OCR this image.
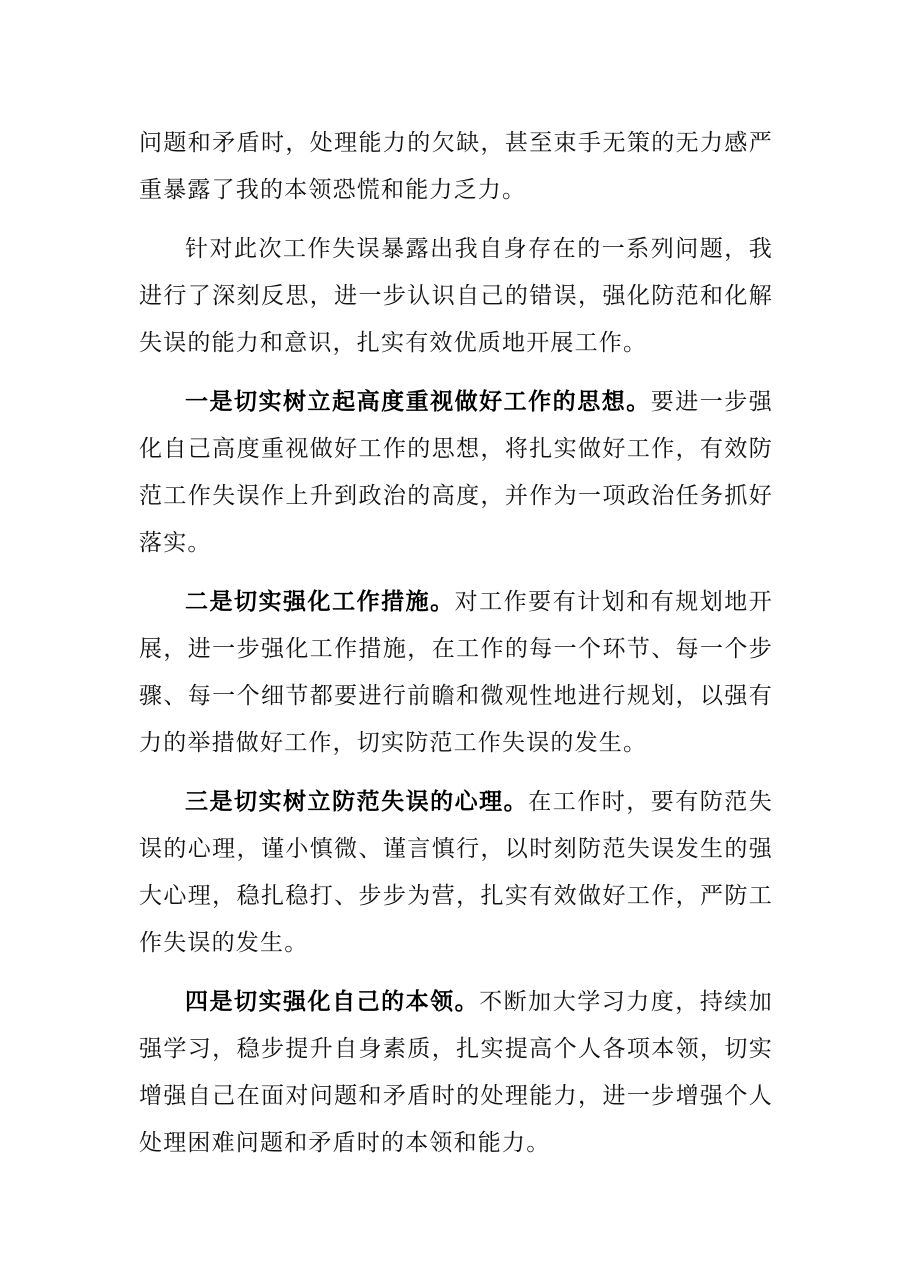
问题和矛盾时，处理能力的欠缺，甚至束手无策的无力感严重暴露了我的本领恐慌和能力乏力。

针对此次工作失误暴露出我自身存在的一系列问题，我进行了深刻反思，进一步认识自己的错误，强化防范和化解失误的能力和意识，扎实有效优质地开展工作。

一是切实树立起高度重视做好工作的思想。要进一步强化自己高度重视做好工作的思想，将扎实做好工作，有效防范工作失误作上升到政治的高度，并作为一项政治任务抓好落实。

二是切实强化工作措施。对工作要有计划和有规划地开展，进一步强化工作措施，在工作的每一个环节、每一个步骤、每一个细节都要进行前瞻和微观性地进行规划，以强有力的举措做好工作，切实防范工作失误的发生。

三是切实树立防范失误的心理。在工作时，要有防范失误的心理，谨小慎微、谨言慎行，以时刻防范失误发生的强大心理，稳扎稳打、步步为营，扎实有效做好工作，严防工作失误的发生。

四是切实强化自己的本领。不断加大学习力度，持续加强学习，稳步提升自身素质，扎实提高个人各项本领，切实增强自己在面对问题和矛盾时的处理能力，进一步增强个人处理困难问题和矛盾时的本领和能力。
